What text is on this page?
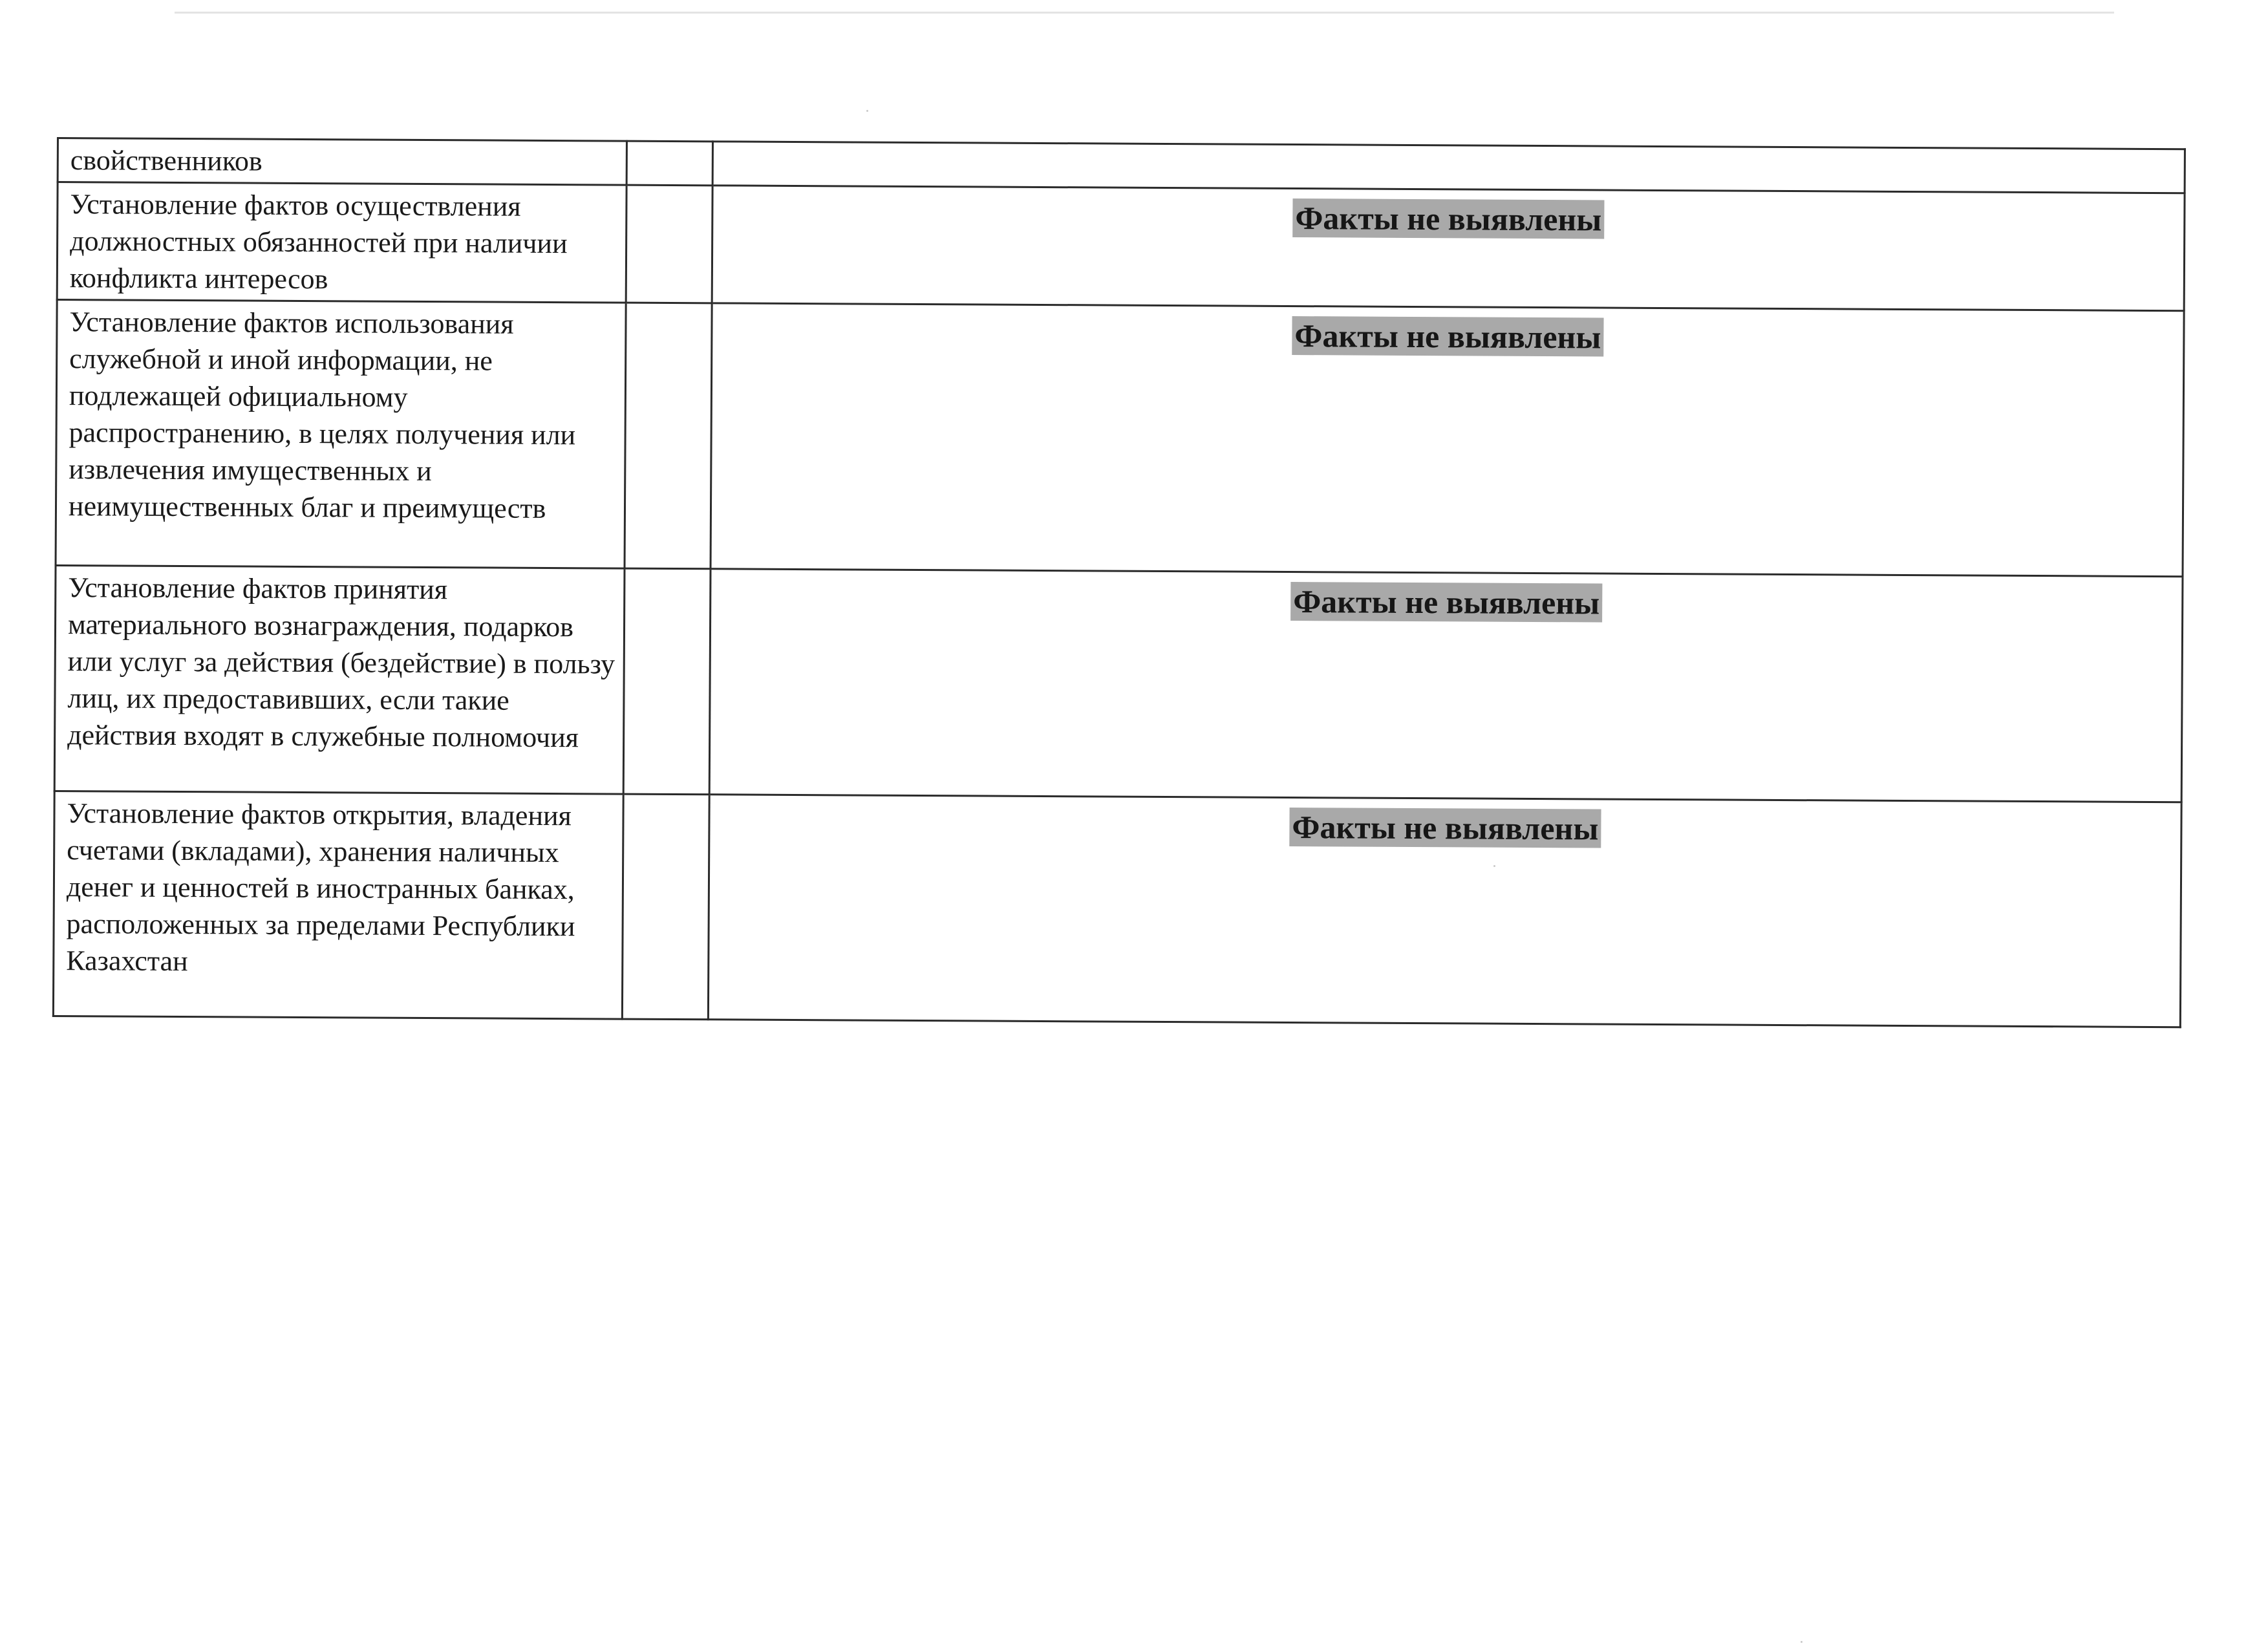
свойственников		
Установление фактов осуществления должностных обязанностей при наличии конфликта интересов		Факты не выявлены
Установление фактов использования служебной и иной информации, не подлежащей официальному распространению, в целях получения или извлечения имущественных и неимущественных благ и преимуществ		Факты не выявлены
Установление фактов принятия материального вознаграждения, подарков или услуг за действия (бездействие) в пользу лиц, их предоставивших, если такие действия входят в служебные полномочия		Факты не выявлены
Установление фактов открытия, владения счетами (вкладами), хранения наличных денег и ценностей в иностранных банках, расположенных за пределами Республики Казахстан		Факты не выявлены
